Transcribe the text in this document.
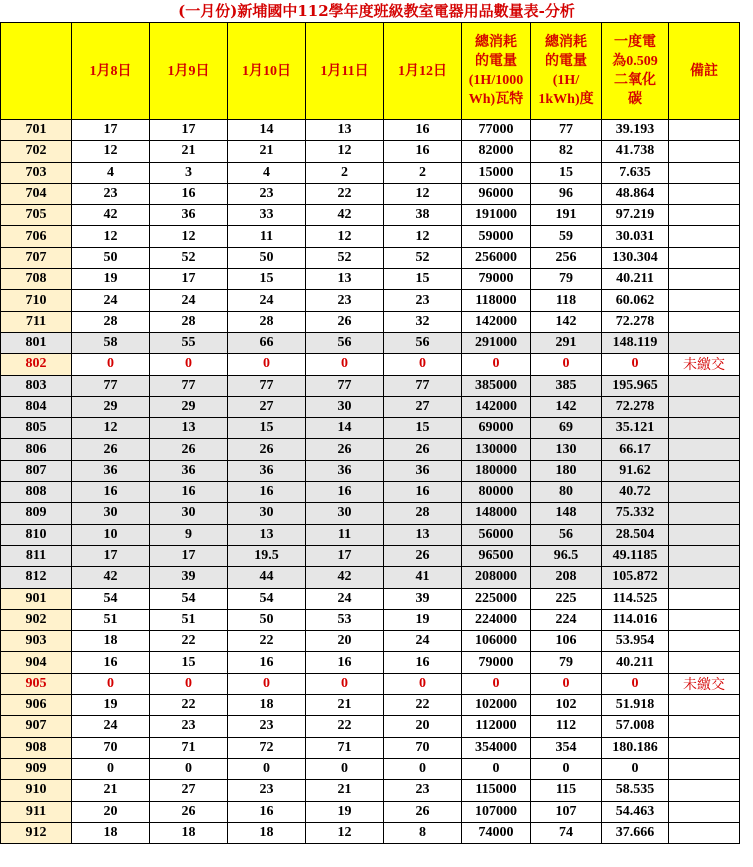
(一月份)新埔國中112學年度班級教室電器用品數量表-分析
	1月8日	1月9日	1月10日	1月11日	1月12日	總消耗
的電量
(1H/1000
Wh)瓦特	總消耗
的電量
(1H/
1kWh)度	一度電
為0.509
二氧化
碳	備註
701	17	17	14	13	16	77000	77	39.193	
702	12	21	21	12	16	82000	82	41.738	
703	4	3	4	2	2	15000	15	7.635	
704	23	16	23	22	12	96000	96	48.864	
705	42	36	33	42	38	191000	191	97.219	
706	12	12	11	12	12	59000	59	30.031	
707	50	52	50	52	52	256000	256	130.304	
708	19	17	15	13	15	79000	79	40.211	
710	24	24	24	23	23	118000	118	60.062	
711	28	28	28	26	32	142000	142	72.278	
801	58	55	66	56	56	291000	291	148.119	
802	0	0	0	0	0	0	0	0	未繳交
803	77	77	77	77	77	385000	385	195.965	
804	29	29	27	30	27	142000	142	72.278	
805	12	13	15	14	15	69000	69	35.121	
806	26	26	26	26	26	130000	130	66.17	
807	36	36	36	36	36	180000	180	91.62	
808	16	16	16	16	16	80000	80	40.72	
809	30	30	30	30	28	148000	148	75.332	
810	10	9	13	11	13	56000	56	28.504	
811	17	17	19.5	17	26	96500	96.5	49.1185	
812	42	39	44	42	41	208000	208	105.872	
901	54	54	54	24	39	225000	225	114.525	
902	51	51	50	53	19	224000	224	114.016	
903	18	22	22	20	24	106000	106	53.954	
904	16	15	16	16	16	79000	79	40.211	
905	0	0	0	0	0	0	0	0	未繳交
906	19	22	18	21	22	102000	102	51.918	
907	24	23	23	22	20	112000	112	57.008	
908	70	71	72	71	70	354000	354	180.186	
909	0	0	0	0	0	0	0	0	
910	21	27	23	21	23	115000	115	58.535	
911	20	26	16	19	26	107000	107	54.463	
912	18	18	18	12	8	74000	74	37.666	
